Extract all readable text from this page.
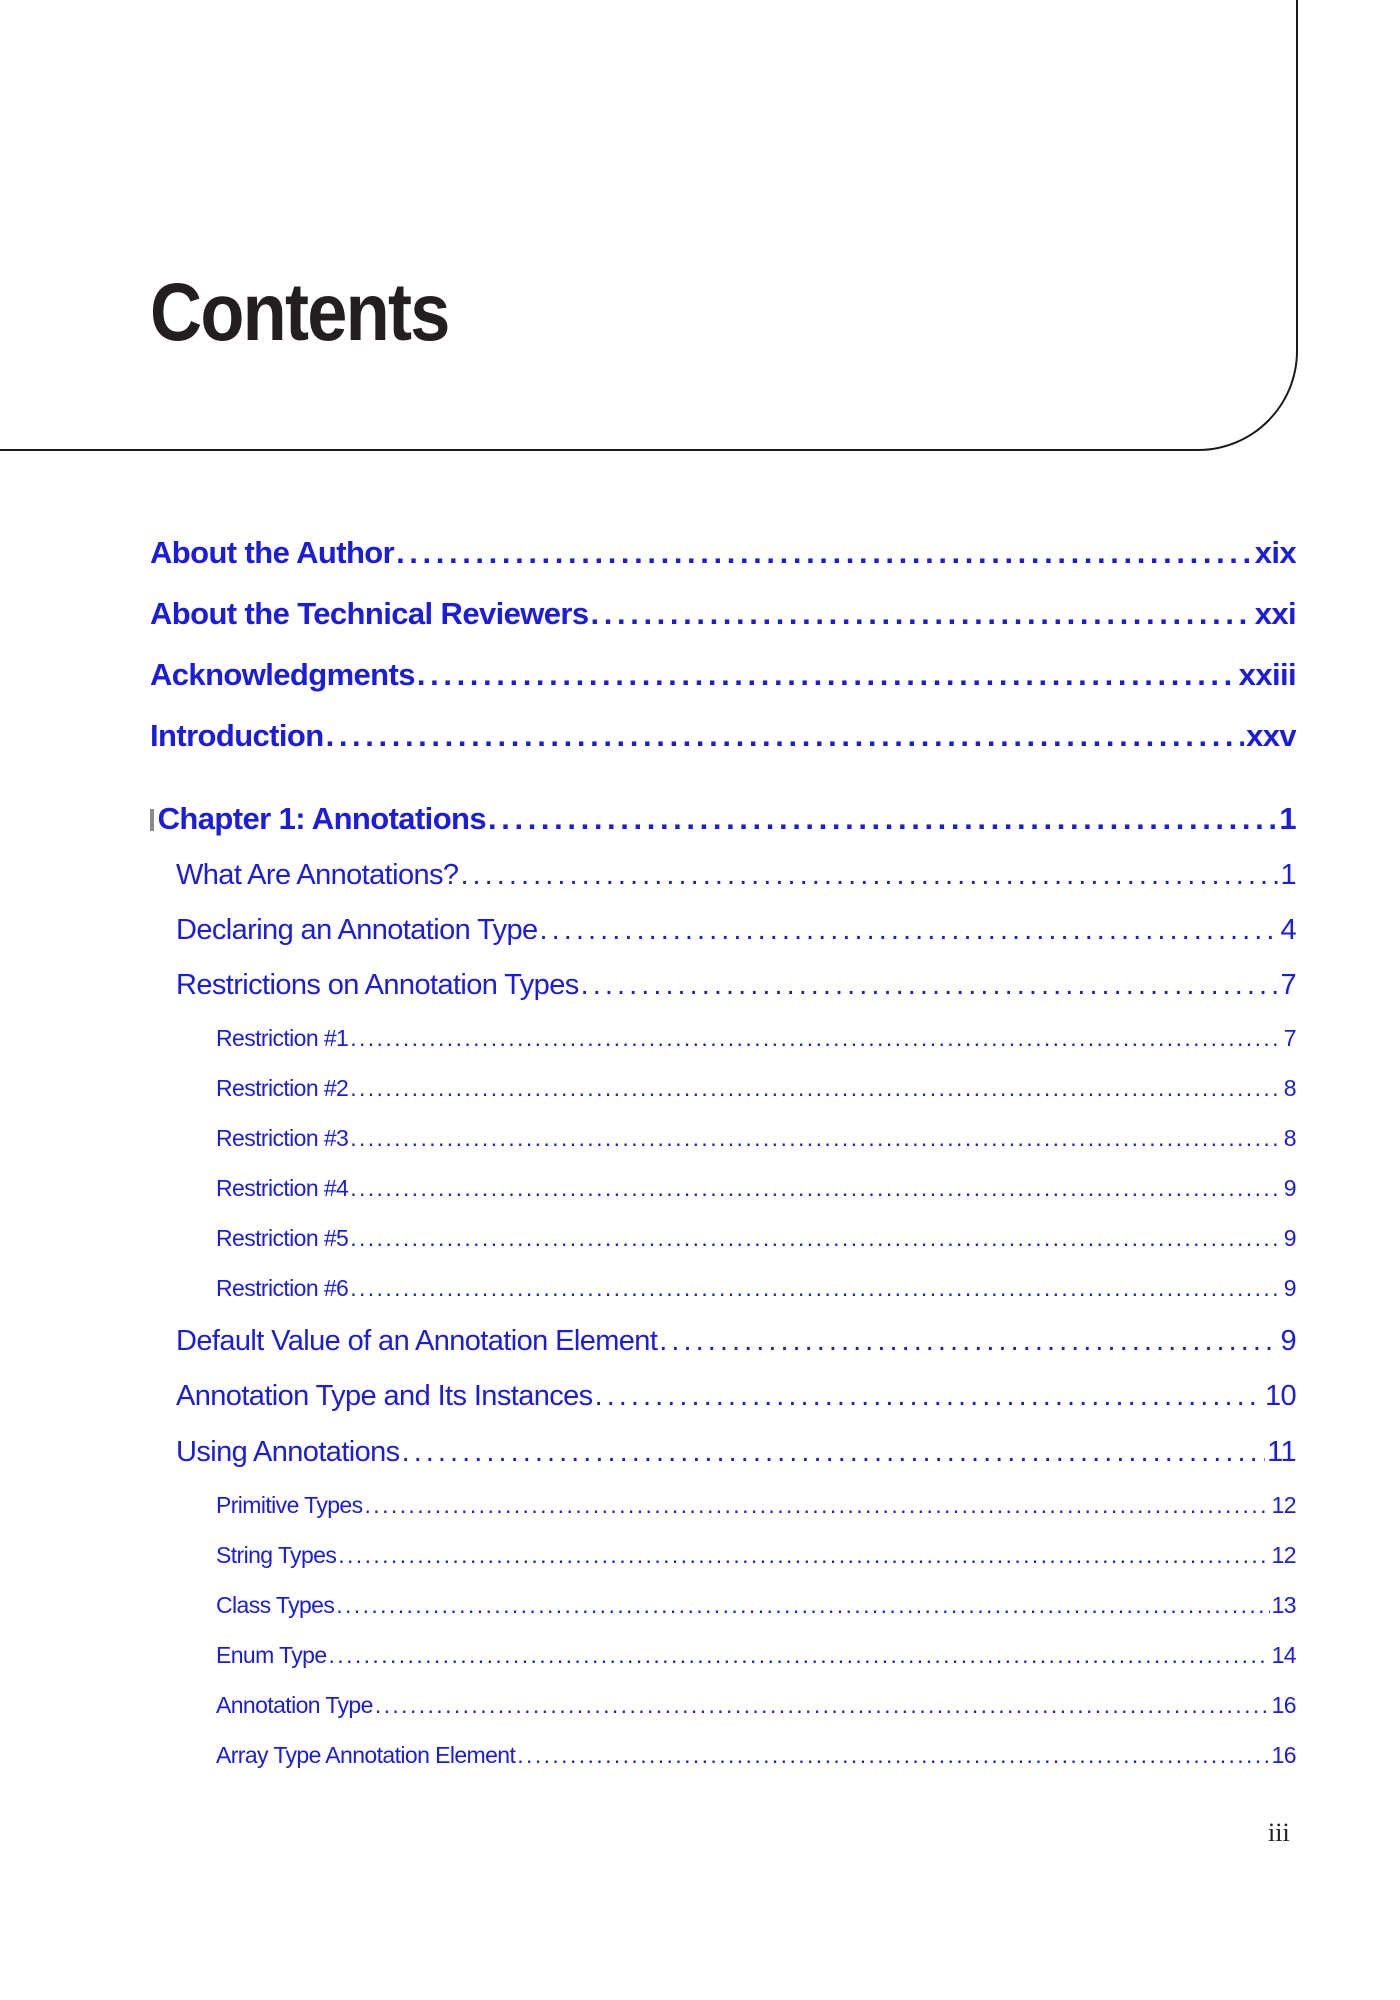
Contents
About the Author . . .	xix
About the Technical Reviewers . . .	xxi
Acknowledgments . . .	xxiii
Introduction . . .	xxv
Chapter 1: Annotations . . .	1
What Are Annotations? . . .	1
Declaring an Annotation Type . . .	4
Restrictions on Annotation Types . . .	7
Restriction #1 . . .	7
Restriction #2 . . .	8
Restriction #3 . . .	8
Restriction #4 . . .	9
Restriction #5 . . .	9
Restriction #6 . . .	9
Default Value of an Annotation Element . . .	9
Annotation Type and Its Instances . . .	10
Using Annotations . . .	11
Primitive Types . . .	12
String Types . . .	12
Class Types . . .	13
Enum Type . . .	14
Annotation Type . . .	16
Array Type Annotation Element . . .	16
iii
